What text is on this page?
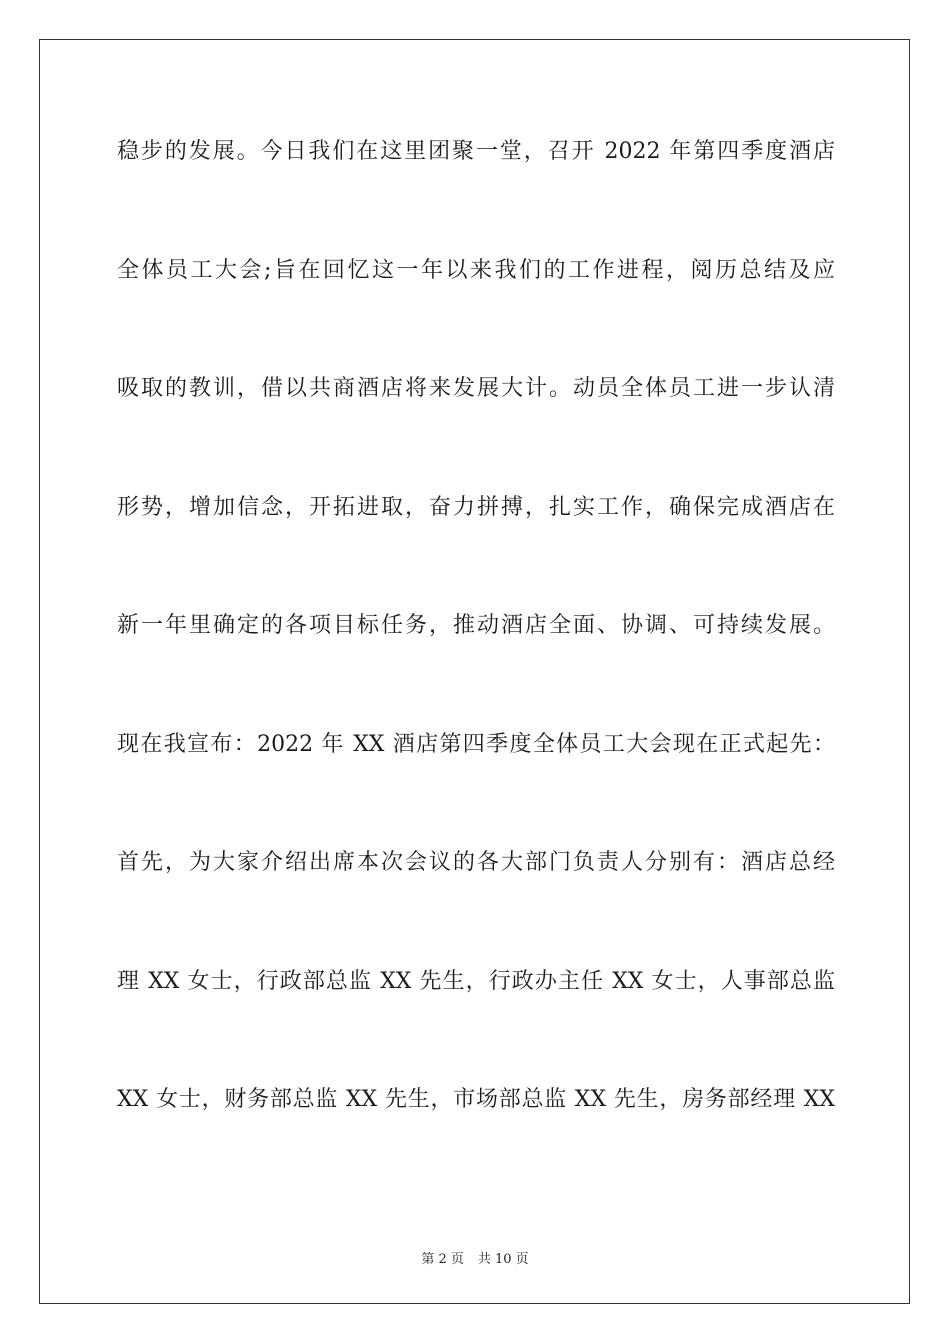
稳步的发展。今日我们在这里团聚一堂，召开 2022 年第四季度酒店
全体员工大会;旨在回忆这一年以来我们的工作进程，阅历总结及应
吸取的教训，借以共商酒店将来发展大计。动员全体员工进一步认清
形势，增加信念，开拓进取，奋力拼搏，扎实工作，确保完成酒店在
新一年里确定的各项目标任务，推动酒店全面、协调、可持续发展。
现在我宣布：2022 年 XX 酒店第四季度全体员工大会现在正式起先：
首先，为大家介绍出席本次会议的各大部门负责人分别有：酒店总经
理 XX 女士，行政部总监 XX 先生，行政办主任 XX 女士，人事部总监
XX 女士，财务部总监 XX 先生，市场部总监 XX 先生，房务部经理 XX
第 2 页 共 10 页
